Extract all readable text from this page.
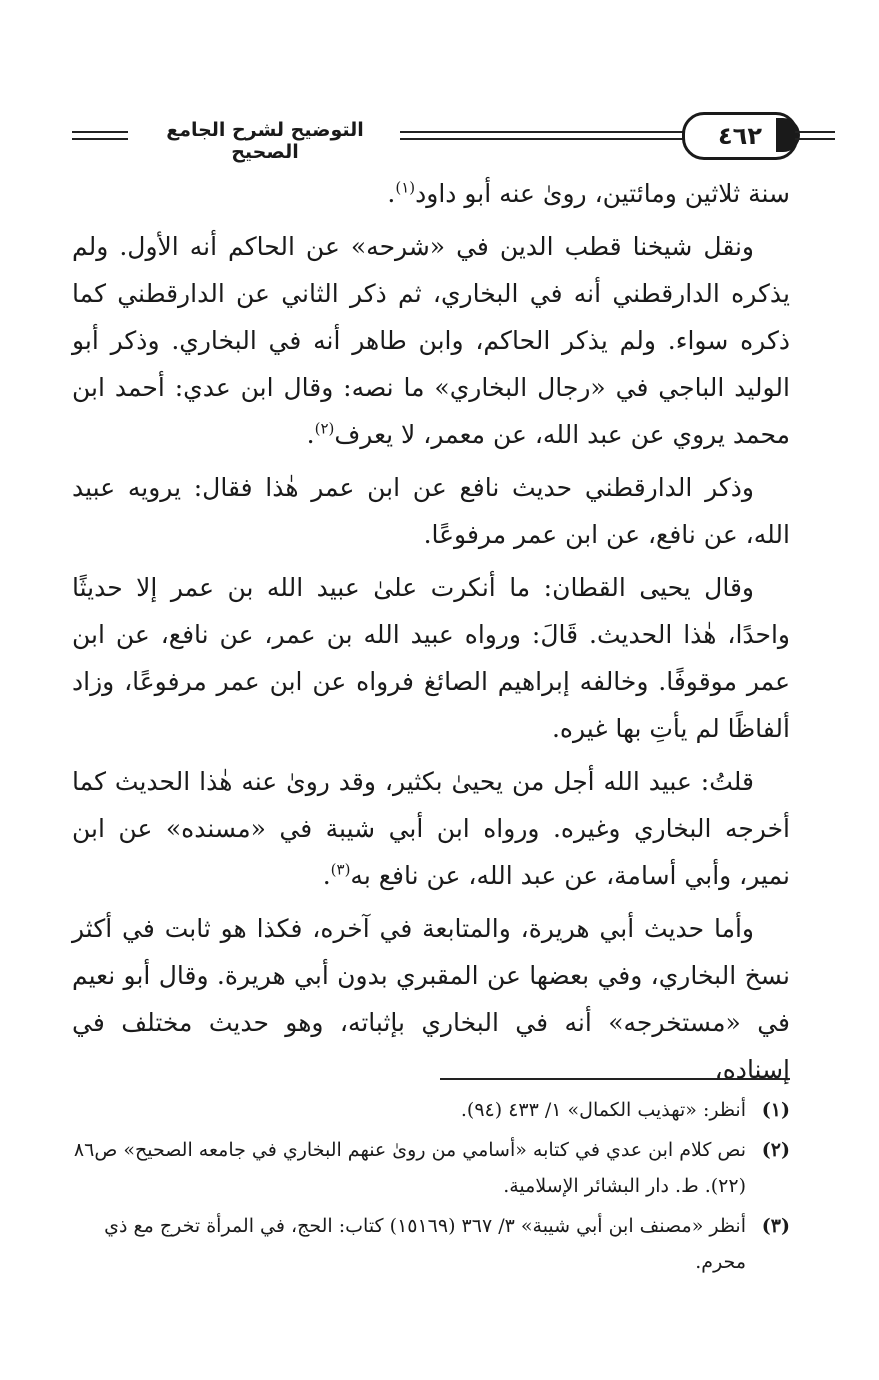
التوضيح لشرح الجامع الصحيح
٤٦٢

سنة ثلاثين ومائتين، روىٰ عنه أبو داود$^{(١)}$.

ونقل شيخنا قطب الدين في «شرحه» عن الحاكم أنه الأول. ولم يذكره الدارقطني أنه في البخاري، ثم ذكر الثاني عن الدارقطني كما ذكره سواء. ولم يذكر الحاكم، وابن طاهر أنه في البخاري. وذكر أبو الوليد الباجي في «رجال البخاري» ما نصه: وقال ابن عدي: أحمد ابن محمد يروي عن عبد الله، عن معمر، لا يعرف$^{(٢)}$.

وذكر الدارقطني حديث نافع عن ابن عمر هٰذا فقال: يرويه عبيد الله، عن نافع، عن ابن عمر مرفوعًا.

وقال يحيى القطان: ما أنكرت علىٰ عبيد الله بن عمر إلا حديثًا واحدًا، هٰذا الحديث. قَالَ: ورواه عبيد الله بن عمر، عن نافع، عن ابن عمر موقوفًا. وخالفه إبراهيم الصائغ فرواه عن ابن عمر مرفوعًا، وزاد ألفاظًا لم يأتِ بها غيره.

قلتُ: عبيد الله أجل من يحيىٰ بكثير، وقد روىٰ عنه هٰذا الحديث كما أخرجه البخاري وغيره. ورواه ابن أبي شيبة في «مسنده» عن ابن نمير، وأبي أسامة، عن عبد الله، عن نافع به$^{(٣)}$.

وأما حديث أبي هريرة، والمتابعة في آخره، فكذا هو ثابت في أكثر نسخ البخاري، وفي بعضها عن المقبري بدون أبي هريرة. وقال أبو نعيم في «مستخرجه» أنه في البخاري بإثباته، وهو حديث مختلف في إسناده،

(١)
أنظر: «تهذيب الكمال» ١/ ٤٣٣ (٩٤).
(٢)
نص كلام ابن عدي في كتابه «أسامي من روىٰ عنهم البخاري في جامعه الصحيح» ص٨٦ (٢٢). ط. دار البشائر الإسلامية.
(٣)
أنظر «مصنف ابن أبي شيبة» ٣/ ٣٦٧ (١٥١٦٩) كتاب: الحج، في المرأة تخرج مع ذي محرم.
